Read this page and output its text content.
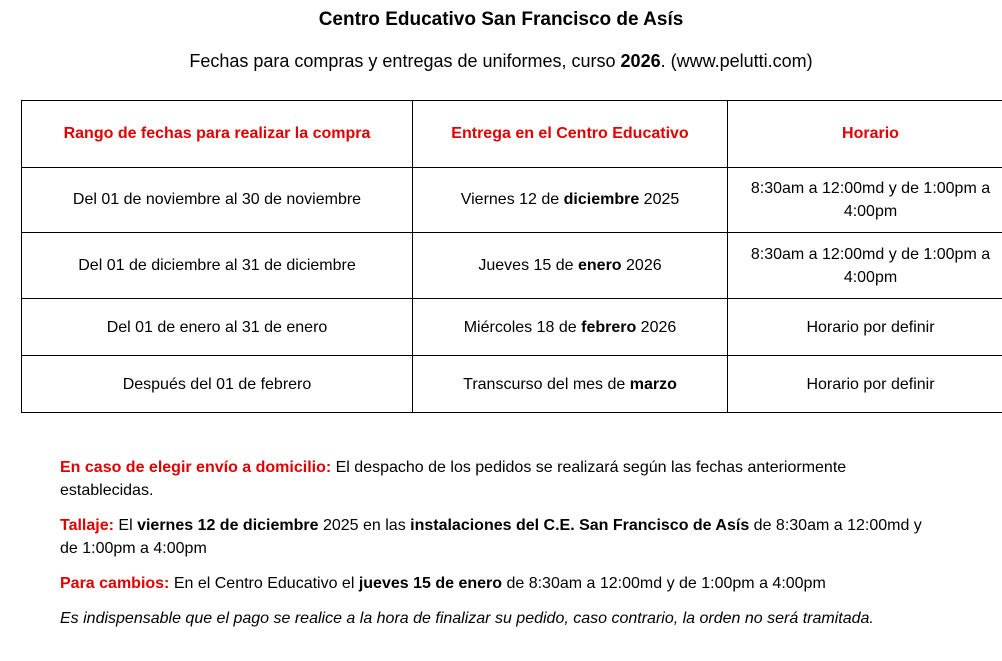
Centro Educativo San Francisco de Asís
Fechas para compras y entregas de uniformes, curso 2026. (www.pelutti.com)
Rango de fechas para realizar la compra	Entrega en el Centro Educativo	Horario
Del 01 de noviembre al 30 de noviembre	Viernes 12 de diciembre 2025	8:30am a 12:00md y de 1:00pm a 4:00pm
Del 01 de diciembre al 31 de diciembre	Jueves 15 de enero 2026	8:30am a 12:00md y de 1:00pm a 4:00pm
Del 01 de enero al 31 de enero	Miércoles 18 de febrero 2026	Horario por definir
Después del 01 de febrero	Transcurso del mes de marzo	Horario por definir

En caso de elegir envío a domicilio: El despacho de los pedidos se realizará según las fechas anteriormente establecidas.

Tallaje: El viernes 12 de diciembre 2025 en las instalaciones del C.E. San Francisco de Asís de 8:30am a 12:00md y de 1:00pm a 4:00pm

Para cambios: En el Centro Educativo el jueves 15 de enero de 8:30am a 12:00md y de 1:00pm a 4:00pm

Es indispensable que el pago se realice a la hora de finalizar su pedido, caso contrario, la orden no será tramitada.
